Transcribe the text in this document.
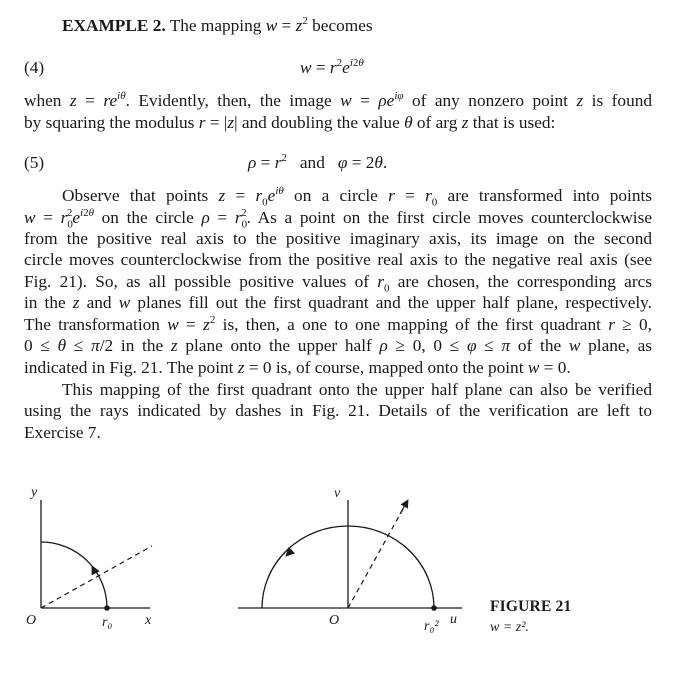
EXAMPLE 2. The mapping $w = z^2$ becomes
(4)	$w = r^2e^{i2\theta}$
when $z = re^{i\theta}$. Evidently, then, the image $w = \rho e^{i\varphi}$ of any nonzero point z is found
by squaring the modulus r = |z| and doubling the value θ of arg z that is used:
(5)	$\rho = r^2$ and φ = 2θ.
Observe that points $z = r_0e^{i\theta}$ on a circle $r = r_0$ are transformed into points
$w = r_0^2e^{i2\theta}$ on the circle $\rho = r_0^2$. As a point on the first circle moves counterclockwise
from the positive real axis to the positive imaginary axis, its image on the second
circle moves counterclockwise from the positive real axis to the negative real axis (see
Fig. 21). So, as all possible positive values of $r_0$ are chosen, the corresponding arcs
in the z and w planes fill out the first quadrant and the upper half plane, respectively.
The transformation $w = z^2$ is, then, a one to one mapping of the first quadrant r ≥ 0,
0 ≤ θ ≤ π/2 in the z plane onto the upper half ρ ≥ 0, 0 ≤ φ ≤ π of the w plane, as
indicated in Fig. 21. The point z = 0 is, of course, mapped onto the point w = 0.
This mapping of the first quadrant onto the upper half plane can also be verified
using the rays indicated by dashes in Fig. 21. Details of the verification are left to
Exercise 7.
y
x
O	r₀
v
u
O	r₀²
FIGURE 21
w = z².
